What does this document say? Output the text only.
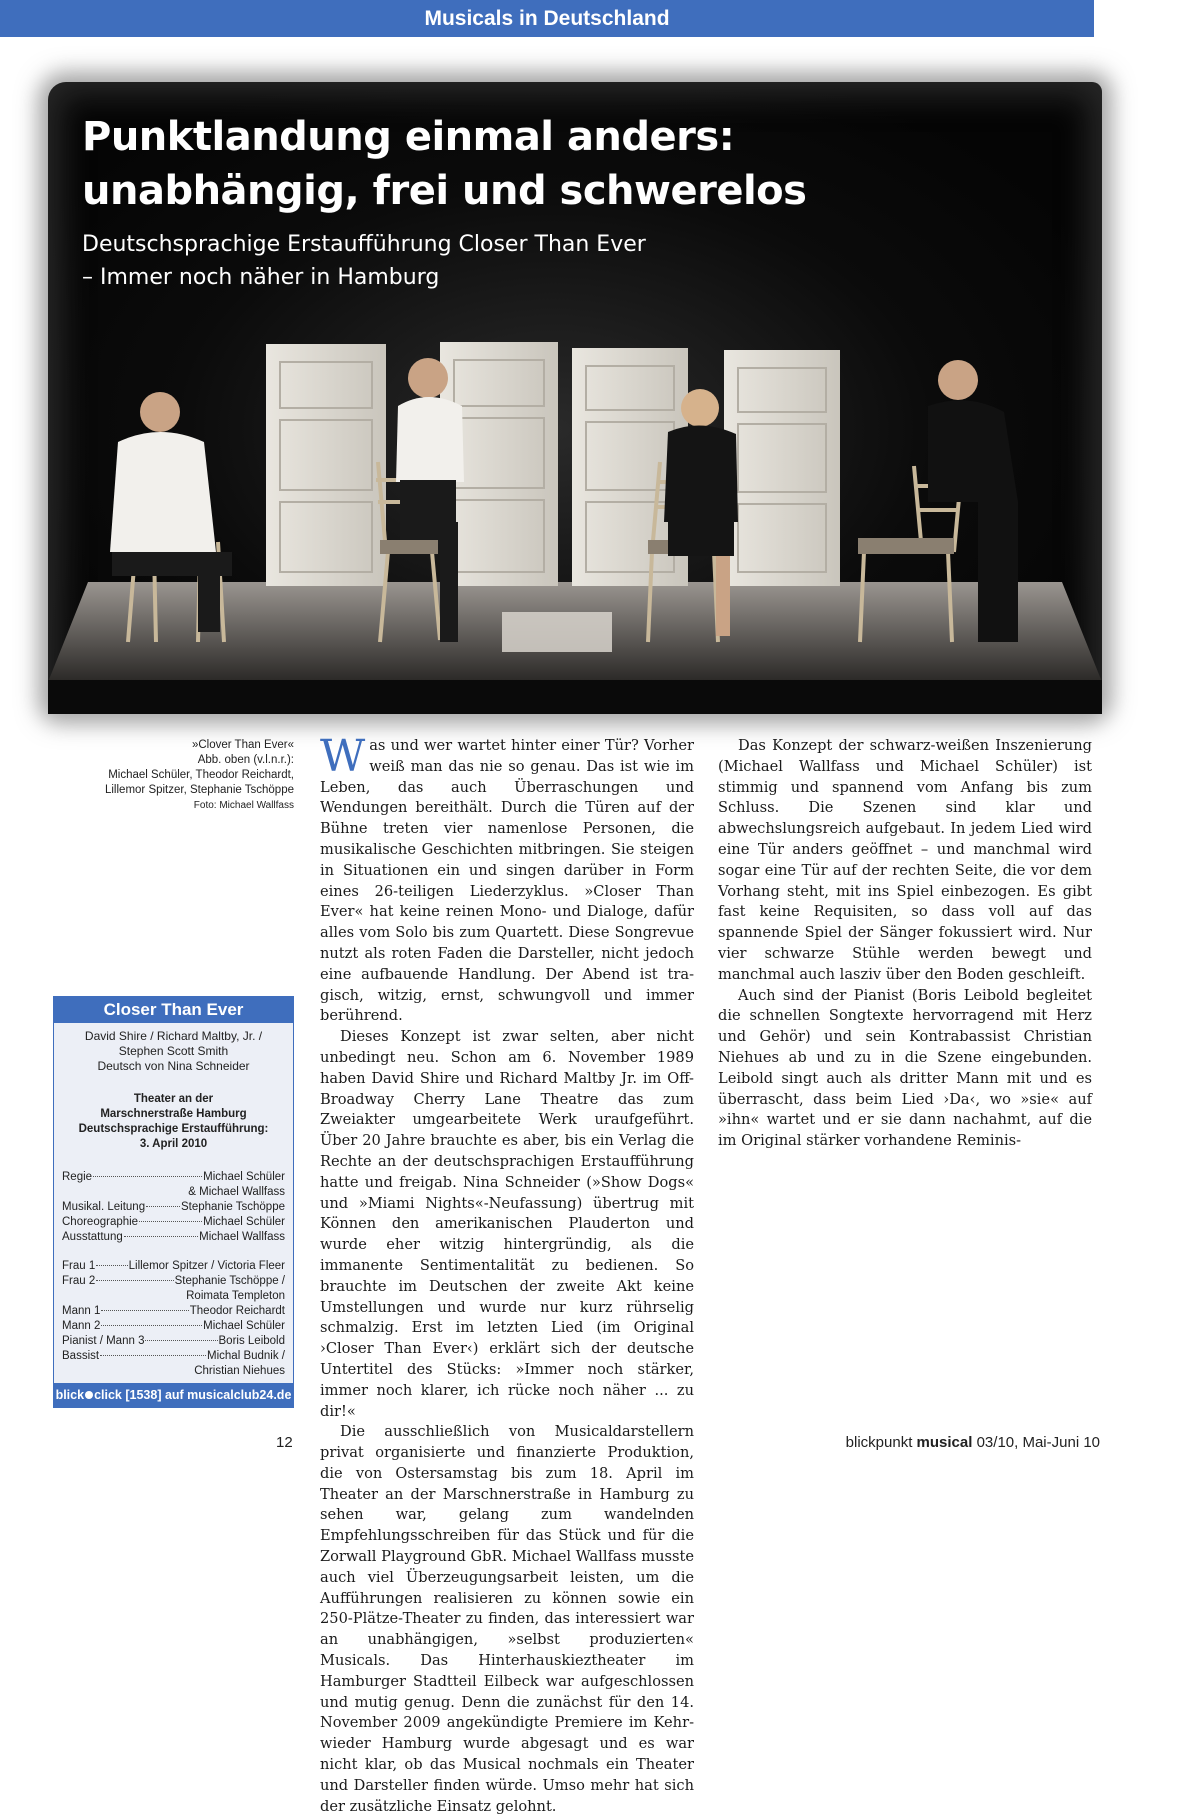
Musicals in Deutschland
Punktlandung einmal anders:
unabhängig, frei und schwerelos
Deutschsprachige Erstaufführung Closer Than Ever
– Immer noch näher in Hamburg
»Clover Than Ever«
Abb. oben (v.l.n.r.):
Michael Schüler, Theodor Reichardt,
Lillemor Spitzer, Stephanie Tschöppe
Foto: Michael Wallfass
Closer Than Ever
David Shire / Richard Maltby, Jr. /
Stephen Scott Smith
Deutsch von Nina Schneider
Theater an der
Marschnerstraße Hamburg
Deutschsprachige Erstaufführung:
3. April 2010
Regie	Michael Schüler
& Michael Wallfass
Musikal. Leitung	Stephanie Tschöppe
Choreographie	Michael Schüler
Ausstattung	Michael Wallfass
Frau 1	Lillemor Spitzer / Victoria Fleer
Frau 2	Stephanie Tschöppe /
Roimata Templeton
Mann 1	Theodor Reichardt
Mann 2	Michael Schüler
Pianist / Mann 3	Boris Leibold
Bassist	Michal Budnik /
Christian Niehues
blick click [1538] auf musicalclub24.de

Was und wer wartet hinter einer Tür? Vorher weiß man das nie so genau. Das ist wie im Leben, das auch Überraschungen und Wendungen bereithält. Durch die Türen auf der Bühne treten vier namenlose Personen, die musikalische Geschichten mitbringen. Sie steigen in Situationen ein und singen darüber in Form eines 26-teiligen Liederzyklus. »Closer Than Ever« hat keine reinen Mono- und Dialoge, dafür alles vom Solo bis zum Quartett. Diese Songrevue nutzt als roten Faden die Darsteller, nicht jedoch eine aufbauende Handlung. Der Abend ist tragisch, witzig, ernst, schwungvoll und immer berührend.

Dieses Konzept ist zwar selten, aber nicht unbedingt neu. Schon am 6. November 1989 haben David Shire und Richard Maltby Jr. im Off-Broadway Cherry Lane Theatre das zum Zweiakter umgearbeitete Werk uraufgeführt. Über 20 Jahre brauchte es aber, bis ein Verlag die Rechte an der deutschsprachigen Erstaufführung hatte und freigab. Nina Schneider (»Show Dogs« und »Miami Nights«-Neufassung) übertrug mit Können den amerikanischen Plauderton und wurde eher witzig hintergründig, als die immanente Sentimentalität zu bedienen. So brauchte im Deutschen der zweite Akt keine Umstellungen und wurde nur kurz rührselig schmalzig. Erst im letzten Lied (im Original ›Closer Than Ever‹) erklärt sich der deutsche Untertitel des Stücks: »Immer noch stärker, immer noch klarer, ich rücke noch näher ... zu dir!«

Die ausschließlich von Musicaldarstellern privat organisierte und finanzierte Produktion, die von Ostersamstag bis zum 18. April im Theater an der Marschnerstraße in Hamburg zu sehen war, gelang zum wandelnden Empfehlungsschreiben für das Stück und für die Zorwall Playground GbR. Michael Wallfass musste auch viel Überzeugungsarbeit leisten, um die Aufführungen realisieren zu können sowie ein 250-Plätze-Theater zu finden, das interessiert war an unabhängigen, »selbst produzierten« Musicals. Das Hinterhauskieztheater im Hamburger Stadtteil Eilbeck war aufgeschlossen und mutig genug. Denn die zunächst für den 14. November 2009 angekündigte Premiere im Kehrwieder Hamburg wurde abgesagt und es war nicht klar, ob das Musical nochmals ein Theater und Darsteller finden würde. Umso mehr hat sich der zusätzliche Einsatz gelohnt.

Das Konzept der schwarz-weißen Inszenierung (Michael Wallfass und Michael Schüler) ist stimmig und spannend vom Anfang bis zum Schluss. Die Szenen sind klar und abwechslungsreich aufgebaut. In jedem Lied wird eine Tür anders geöffnet – und manchmal wird sogar eine Tür auf der rechten Seite, die vor dem Vorhang steht, mit ins Spiel einbezogen. Es gibt fast keine Requisiten, so dass voll auf das spannende Spiel der Sänger fokussiert wird. Nur vier schwarze Stühle werden bewegt und manchmal auch lasziv über den Boden geschleift.

Auch sind der Pianist (Boris Leibold begleitet die schnellen Songtexte hervorragend mit Herz und Gehör) und sein Kontrabassist Christian Niehues ab und zu in die Szene eingebunden. Leibold singt auch als dritter Mann mit und es überrascht, dass beim Lied ›Da‹, wo »sie« auf »ihn« wartet und er sie dann nachahmt, auf die im Original stärker vorhandene Reminis-

12	blickpunkt musical 03/10, Mai-Juni 10
